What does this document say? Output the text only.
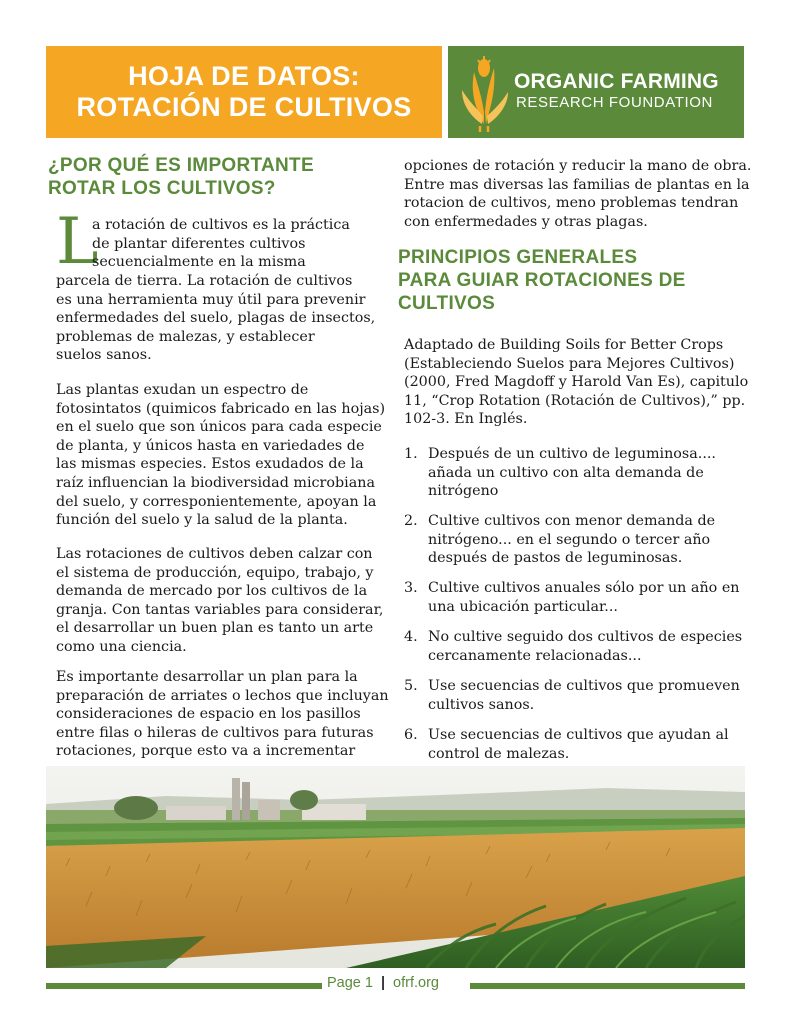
HOJA DE DATOS:
ROTACIÓN DE CULTIVOS
ORGANIC FARMING
RESEARCH FOUNDATION
¿POR QUÉ ES IMPORTANTE
ROTAR LOS CULTIVOS?
L
a rotación de cultivos es la práctica
de plantar diferentes cultivos
secuencialmente en la misma
parcela de tierra. La rotación de cultivos
es una herramienta muy útil para prevenir
enfermedades del suelo, plagas de insectos,
problemas de malezas, y establecer
suelos sanos.
Las plantas exudan un espectro de
fotosintatos (quimicos fabricado en las hojas)
en el suelo que son únicos para cada especie
de planta, y únicos hasta en variedades de
las mismas especies. Estos exudados de la
raíz influencian la biodiversidad microbiana
del suelo, y corresponientemente, apoyan la
función del suelo y la salud de la planta.
Las rotaciones de cultivos deben calzar con
el sistema de producción, equipo, trabajo, y
demanda de mercado por los cultivos de la
granja. Con tantas variables para considerar,
el desarrollar un buen plan es tanto un arte
como una ciencia.
Es importante desarrollar un plan para la
preparación de arriates o lechos que incluyan
consideraciones de espacio en los pasillos
entre filas o hileras de cultivos para futuras
rotaciones, porque esto va a incrementar
opciones de rotación y reducir la mano de obra.
Entre mas diversas las familias de plantas en la
rotacion de cultivos, meno problemas tendran
con enfermedades y otras plagas.
PRINCIPIOS GENERALES
PARA GUIAR ROTACIONES DE
CULTIVOS
Adaptado de Building Soils for Better Crops
(Estableciendo Suelos para Mejores Cultivos)
(2000, Fred Magdoff y Harold Van Es), capitulo
11, “Crop Rotation (Rotación de Cultivos),” pp.
102-3. En Inglés.
1. Después de un cultivo de leguminosa....
añada un cultivo con alta demanda de
nitrógeno
2. Cultive cultivos con menor demanda de
nitrógeno... en el segundo o tercer año
después de pastos de leguminosas.
3. Cultive cultivos anuales sólo por un año en
una ubicación particular...
4. No cultive seguido dos cultivos de especies
cercanamente relacionadas...
5. Use secuencias de cultivos que promueven
cultivos sanos.
6. Use secuencias de cultivos que ayudan al
control de malezas.
Page 1 | ofrf.org
